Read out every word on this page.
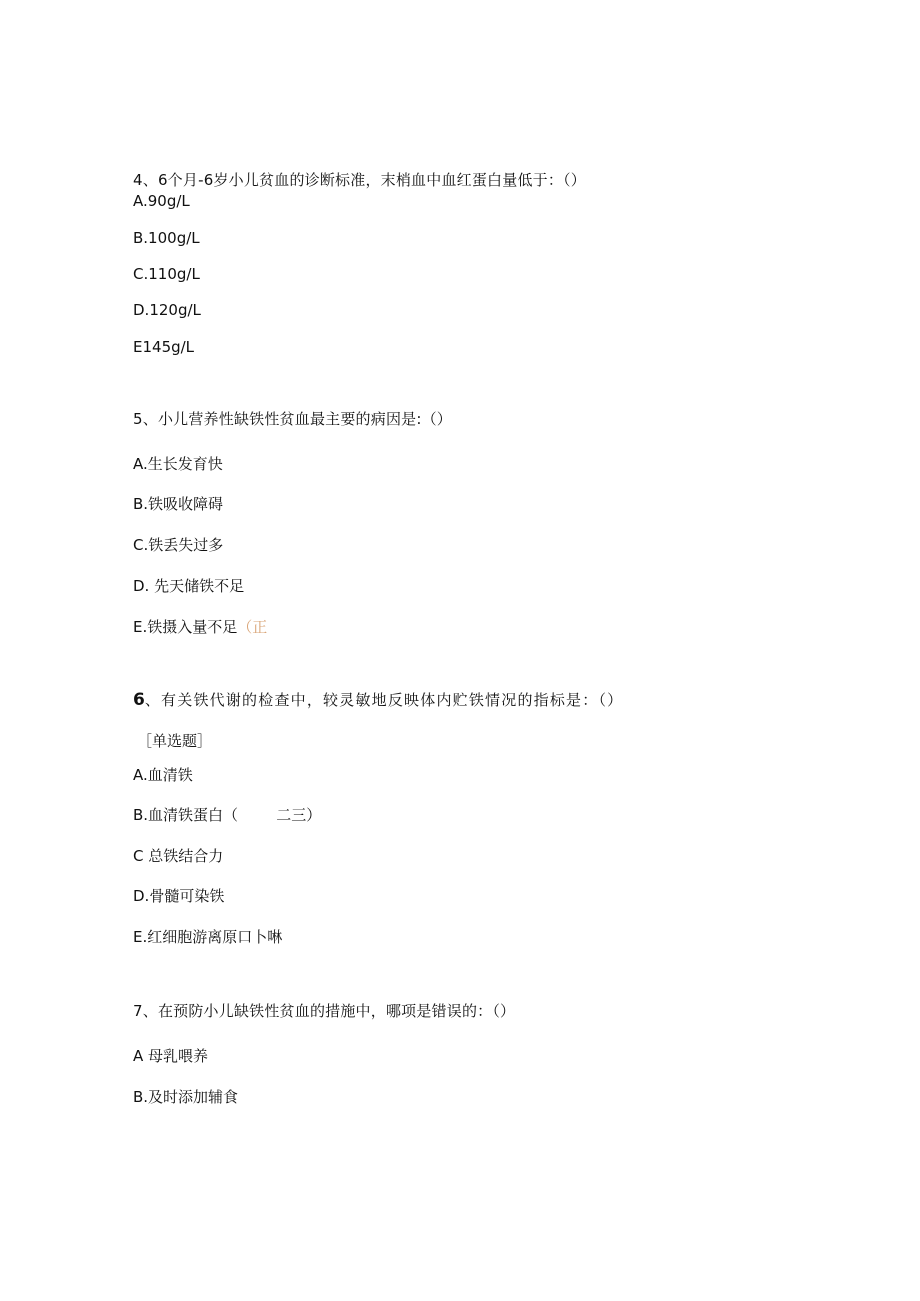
4、6个月-6岁小儿贫血的诊断标准，末梢血中血红蛋白量低于：（）
A.90g/L
B.100g/L
C.110g/L
D.120g/L
E145g/L
5、小儿营养性缺铁性贫血最主要的病因是:（）
A.生长发育快
B.铁吸收障碍
C.铁丢失过多
D. 先天储铁不足
E.铁摄入量不足（正
6、有关铁代谢的检查中，较灵敏地反映体内贮铁情况的指标是：（）
［单选题］
A.血清铁
B.血清铁蛋白（        二三）
C 总铁结合力
D.骨髓可染铁
E.红细胞游离原口卜啉
7、在预防小儿缺铁性贫血的措施中，哪项是错误的：（）
A 母乳喂养
B.及时添加辅食
